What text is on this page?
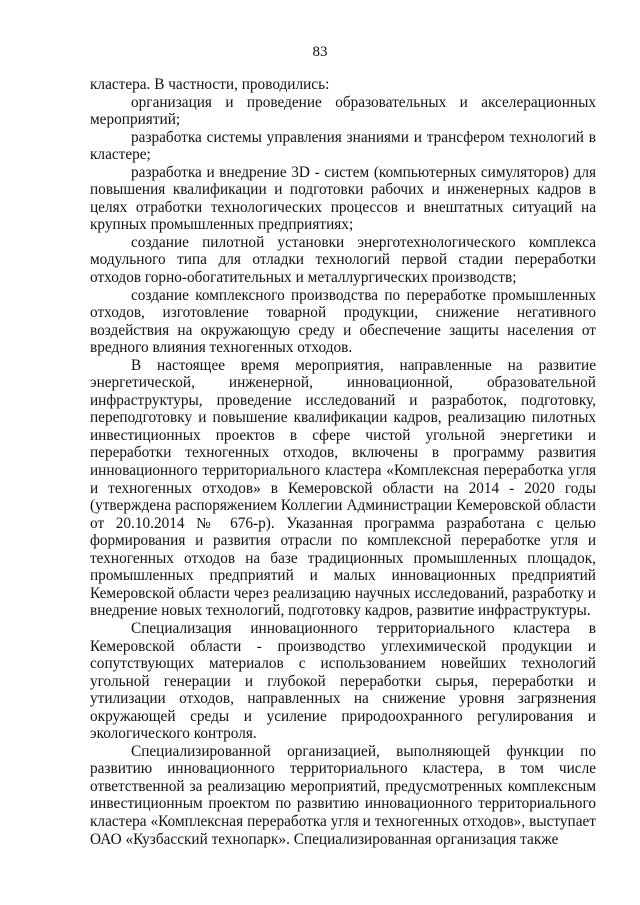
83

кластера. В частности, проводились:

организация и проведение образовательных и акселерационных мероприятий;

разработка системы управления знаниями и трансфером технологий в кластере;

разработка и внедрение 3D - систем (компьютерных симуляторов) для повышения квалификации и подготовки рабочих и инженерных кадров в целях отработки технологических процессов и внештатных ситуаций на крупных промышленных предприятиях;

создание пилотной установки энерготехнологического комплекса модульного типа для отладки технологий первой стадии переработки отходов горно-обогатительных и металлургических производств;

создание комплексного производства по переработке промышленных отходов, изготовление товарной продукции, снижение негативного воздействия на окружающую среду и обеспечение защиты населения от вредного влияния техногенных отходов.

В настоящее время мероприятия, направленные на развитие энергетической, инженерной, инновационной, образовательной инфраструктуры, проведение исследований и разработок, подготовку, переподготовку и повышение квалификации кадров, реализацию пилотных инвестиционных проектов в сфере чистой угольной энергетики и переработки техногенных отходов, включены в программу развития инновационного территориального кластера «Комплексная переработка угля и техногенных отходов» в Кемеровской области на 2014 - 2020 годы (утверждена распоряжением Коллегии Администрации Кемеровской области от 20.10.2014 № 676-р). Указанная программа разработана с целью формирования и развития отрасли по комплексной переработке угля и техногенных отходов на базе традиционных промышленных площадок, промышленных предприятий и малых инновационных предприятий Кемеровской области через реализацию научных исследований, разработку и внедрение новых технологий, подготовку кадров, развитие инфраструктуры.

Специализация инновационного территориального кластера в Кемеровской области - производство углехимической продукции и сопутствующих материалов с использованием новейших технологий угольной генерации и глубокой переработки сырья, переработки и утилизации отходов, направленных на снижение уровня загрязнения окружающей среды и усиление природоохранного регулирования и экологического контроля.

Специализированной организацией, выполняющей функции по развитию инновационного территориального кластера, в том числе ответственной за реализацию мероприятий, предусмотренных комплексным инвестиционным проектом по развитию инновационного территориального кластера «Комплексная переработка угля и техногенных отходов», выступает ОАО «Кузбасский технопарк». Специализированная организация также
